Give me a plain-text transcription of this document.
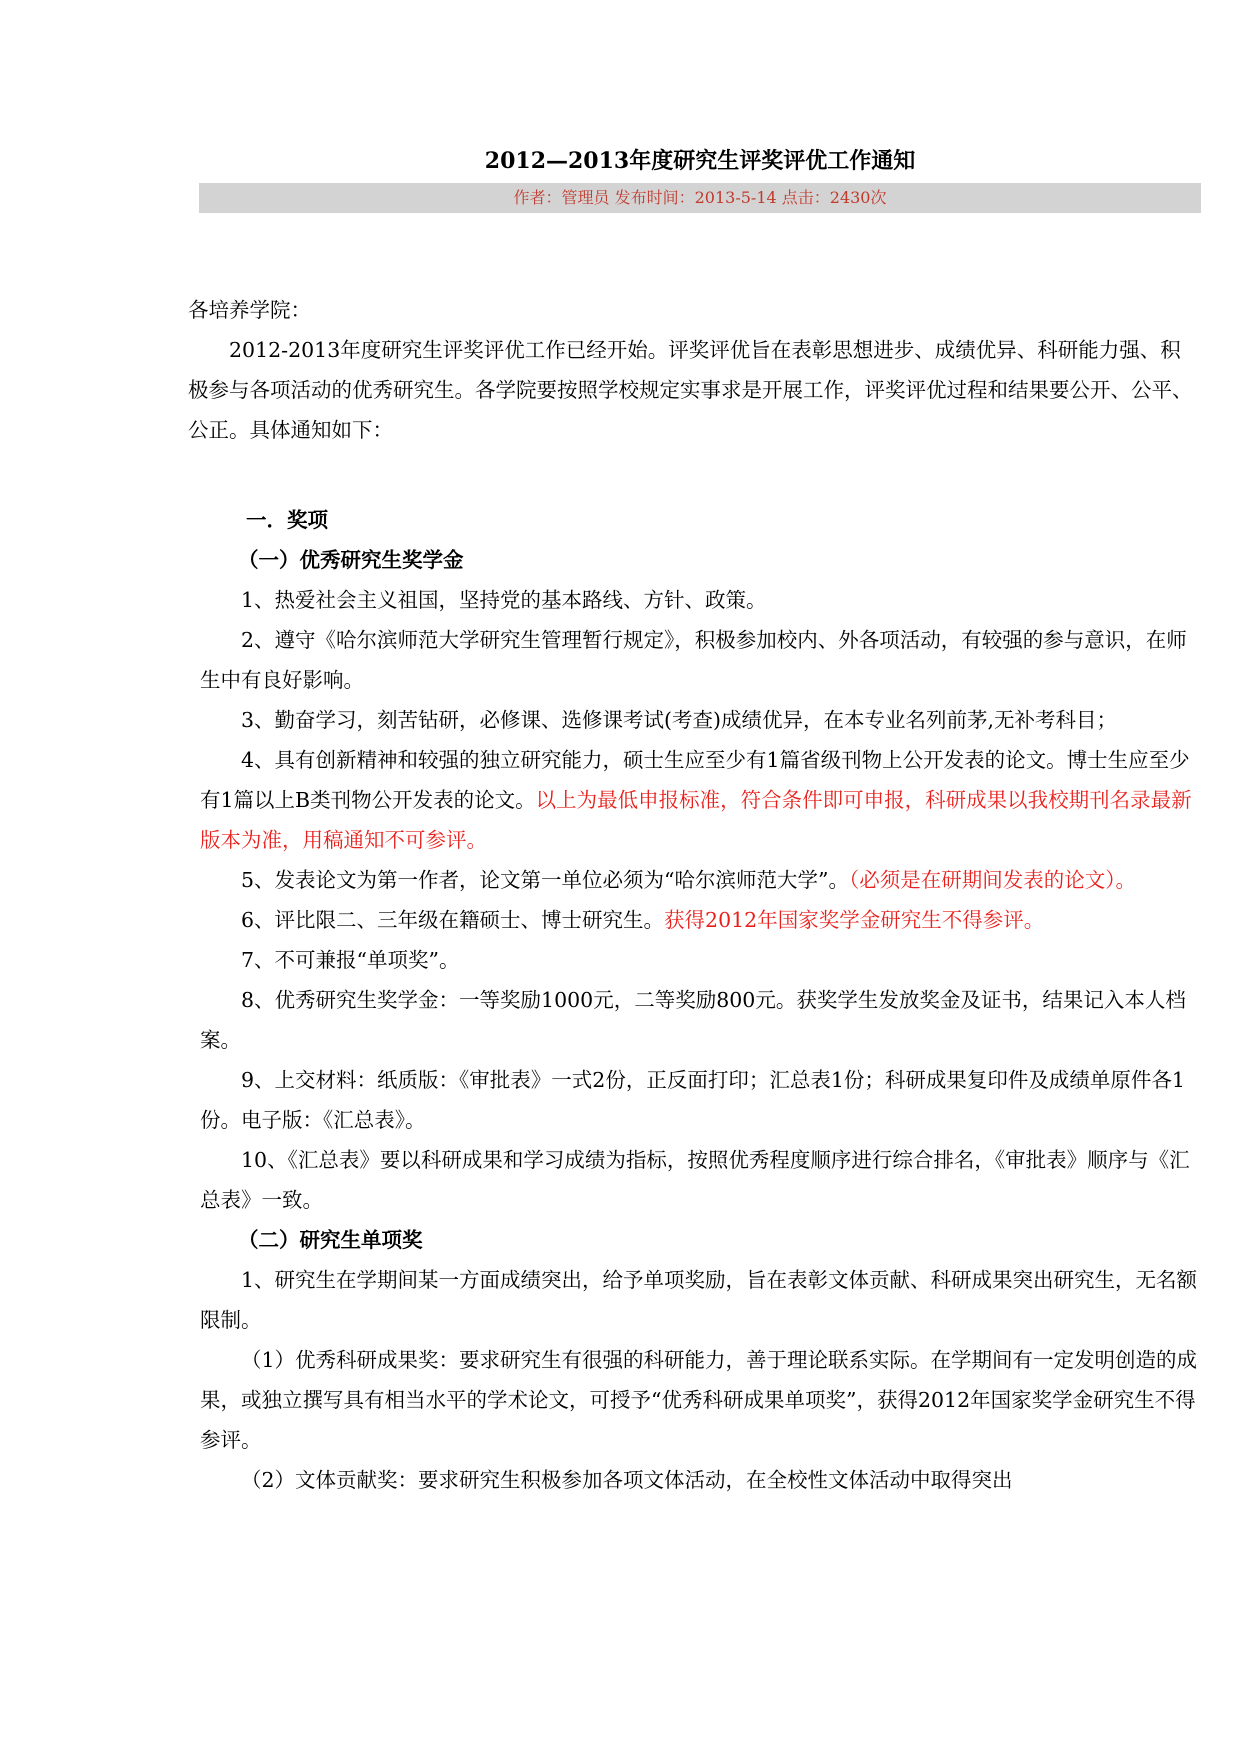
2012—2013年度研究生评奖评优工作通知
作者：管理员 发布时间：2013-5-14 点击：2430次

各培养学院：

2012-2013年度研究生评奖评优工作已经开始。评奖评优旨在表彰思想进步、成绩优异、科研能力强、积极参与各项活动的优秀研究生。各学院要按照学校规定实事求是开展工作，评奖评优过程和结果要公开、公平、公正。具体通知如下：

一．奖项

（一）优秀研究生奖学金

1、热爱社会主义祖国，坚持党的基本路线、方针、政策。

2、遵守《哈尔滨师范大学研究生管理暂行规定》，积极参加校内、外各项活动，有较强的参与意识，在师生中有良好影响。

3、勤奋学习，刻苦钻研，必修课、选修课考试(考查)成绩优异，在本专业名列前茅,无补考科目；

4、具有创新精神和较强的独立研究能力，硕士生应至少有1篇省级刊物上公开发表的论文。博士生应至少有1篇以上B类刊物公开发表的论文。以上为最低申报标准，符合条件即可申报，科研成果以我校期刊名录最新版本为准，用稿通知不可参评。

5、发表论文为第一作者，论文第一单位必须为“哈尔滨师范大学”。（必须是在研期间发表的论文）。

6、评比限二、三年级在籍硕士、博士研究生。获得2012年国家奖学金研究生不得参评。

7、不可兼报“单项奖”。

8、优秀研究生奖学金：一等奖励1000元，二等奖励800元。获奖学生发放奖金及证书，结果记入本人档案。

9、上交材料：纸质版：《审批表》一式2份，正反面打印；汇总表1份；科研成果复印件及成绩单原件各1份。电子版：《汇总表》。

10、《汇总表》要以科研成果和学习成绩为指标，按照优秀程度顺序进行综合排名，《审批表》顺序与《汇总表》一致。

（二）研究生单项奖

1、研究生在学期间某一方面成绩突出，给予单项奖励，旨在表彰文体贡献、科研成果突出研究生，无名额限制。

（1）优秀科研成果奖：要求研究生有很强的科研能力，善于理论联系实际。在学期间有一定发明创造的成果，或独立撰写具有相当水平的学术论文，可授予“优秀科研成果单项奖”，获得2012年国家奖学金研究生不得参评。

（2）文体贡献奖：要求研究生积极参加各项文体活动，在全校性文体活动中取得突出
